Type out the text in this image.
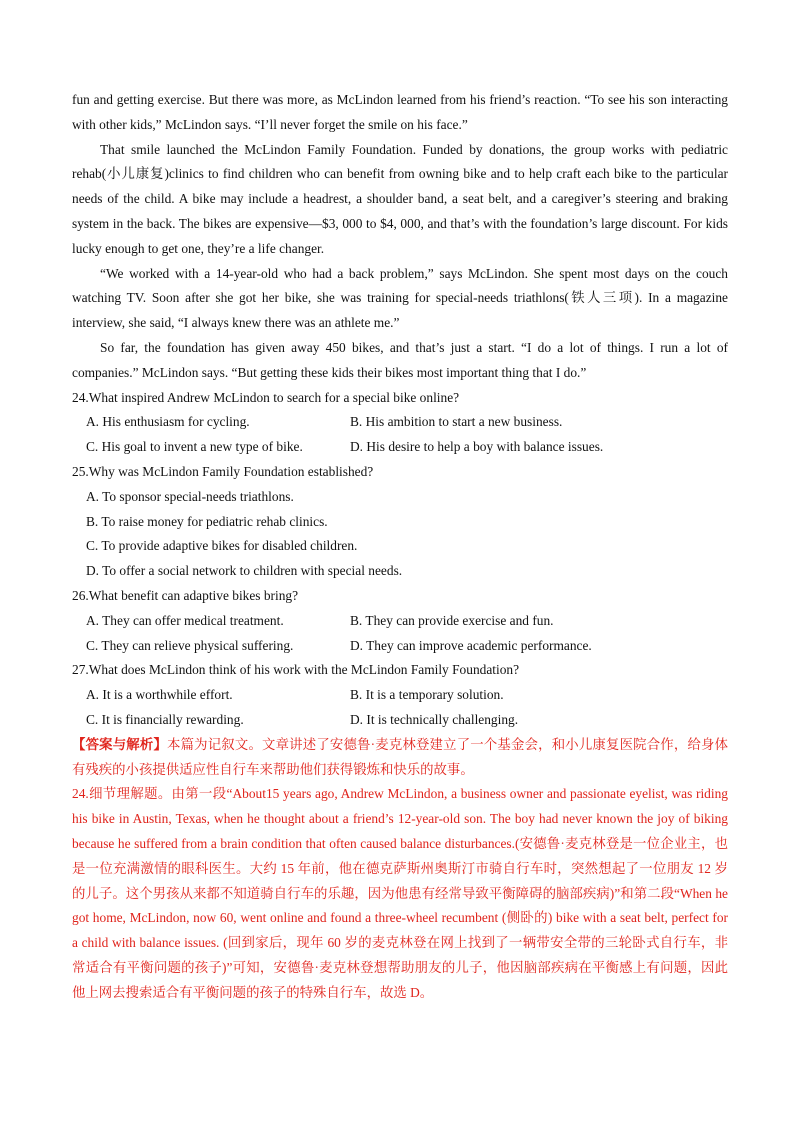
fun and getting exercise. But there was more, as McLindon learned from his friend’s reaction. “To see his son interacting with other kids,” McLindon says. “I’ll never forget the smile on his face.”

That smile launched the McLindon Family Foundation. Funded by donations, the group works with pediatric rehab(小儿康复)clinics to find children who can benefit from owning bike and to help craft each bike to the particular needs of the child. A bike may include a headrest, a shoulder band, a seat belt, and a caregiver’s steering and braking system in the back. The bikes are expensive—$3, 000 to $4, 000, and that’s with the foundation’s large discount. For kids lucky enough to get one, they’re a life changer.

“We worked with a 14-year-old who had a back problem,” says McLindon. She spent most days on the couch watching TV. Soon after she got her bike, she was training for special-needs triathlons(铁人三项). In a magazine interview, she said, “I always knew there was an athlete me.”

So far, the foundation has given away 450 bikes, and that’s just a start. “I do a lot of things. I run a lot of companies.” McLindon says. “But getting these kids their bikes most important thing that I do.”

24.What inspired Andrew McLindon to search for a special bike online?

A. His enthusiasm for cycling.	B. His ambition to start a new business.
C. His goal to invent a new type of bike.	D. His desire to help a boy with balance issues.

25.Why was McLindon Family Foundation established?

A. To sponsor special-needs triathlons.
B. To raise money for pediatric rehab clinics.
C. To provide adaptive bikes for disabled children.
D. To offer a social network to children with special needs.

26.What benefit can adaptive bikes bring?

A. They can offer medical treatment.	B. They can provide exercise and fun.
C. They can relieve physical suffering.	D. They can improve academic performance.

27.What does McLindon think of his work with the McLindon Family Foundation?

A. It is a worthwhile effort.	B. It is a temporary solution.
C. It is financially rewarding.	D. It is technically challenging.

【答案与解析】本篇为记叙文。文章讲述了安德鲁·麦克林登建立了一个基金会，和小儿康复医院合作，给身体有残疾的小孩提供适应性自行车来帮助他们获得锻炼和快乐的故事。

24.细节理解题。由第一段“About15 years ago, Andrew McLindon, a business owner and passionate eyelist, was riding his bike in Austin, Texas, when he thought about a friend’s 12-year-old son. The boy had never known the joy of biking because he suffered from a brain condition that often caused balance disturbances.(安德鲁·麦克林登是一位企业主，也是一位充满激情的眼科医生。大约 15 年前，他在德克萨斯州奥斯汀市骑自行车时，突然想起了一位朋友 12 岁的儿子。这个男孩从来都不知道骑自行车的乐趣，因为他患有经常导致平衡障碍的脑部疾病)”和第二段“When he got home, McLindon, now 60, went online and found a three-wheel recumbent (侧卧的) bike with a seat belt, perfect for a child with balance issues. (回到家后，现年 60 岁的麦克林登在网上找到了一辆带安全带的三轮卧式自行车，非常适合有平衡问题的孩子)”可知，安德鲁·麦克林登想帮助朋友的儿子，他因脑部疾病在平衡感上有问题，因此他上网去搜索适合有平衡问题的孩子的特殊自行车，故选 D。
